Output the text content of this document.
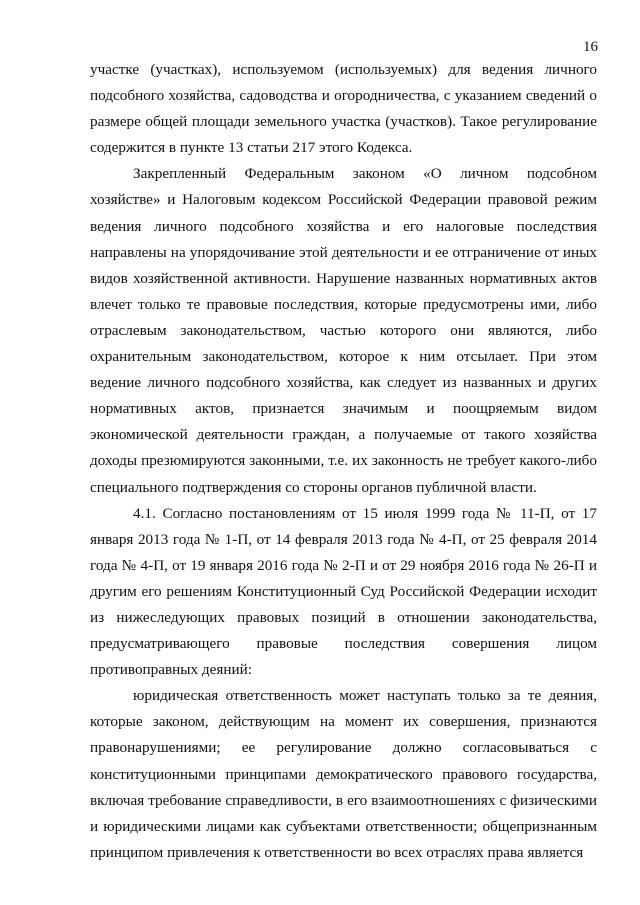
16

участке (участках), используемом (используемых) для ведения личного подсобного хозяйства, садоводства и огородничества, с указанием сведений о размере общей площади земельного участка (участков). Такое регулирование содержится в пункте 13 статьи 217 этого Кодекса.

Закрепленный Федеральным законом «О личном подсобном хозяйстве» и Налоговым кодексом Российской Федерации правовой режим ведения личного подсобного хозяйства и его налоговые последствия направлены на упорядочивание этой деятельности и ее отграничение от иных видов хозяйственной активности. Нарушение названных нормативных актов влечет только те правовые последствия, которые предусмотрены ими, либо отраслевым законодательством, частью которого они являются, либо охранительным законодательством, которое к ним отсылает. При этом ведение личного подсобного хозяйства, как следует из названных и других нормативных актов, признается значимым и поощряемым видом экономической деятельности граждан, а получаемые от такого хозяйства доходы презюмируются законными, т.е. их законность не требует какого-либо специального подтверждения со стороны органов публичной власти.

4.1. Согласно постановлениям от 15 июля 1999 года № 11-П, от 17 января 2013 года № 1-П, от 14 февраля 2013 года № 4-П, от 25 февраля 2014 года № 4-П, от 19 января 2016 года № 2-П и от 29 ноября 2016 года № 26-П и другим его решениям Конституционный Суд Российской Федерации исходит из нижеследующих правовых позиций в отношении законодательства, предусматривающего правовые последствия совершения лицом противоправных деяний:

юридическая ответственность может наступать только за те деяния, которые законом, действующим на момент их совершения, признаются правонарушениями; ее регулирование должно согласовываться с конституционными принципами демократического правового государства, включая требование справедливости, в его взаимоотношениях с физическими и юридическими лицами как субъектами ответственности; общепризнанным принципом привлечения к ответственности во всех отраслях права является
